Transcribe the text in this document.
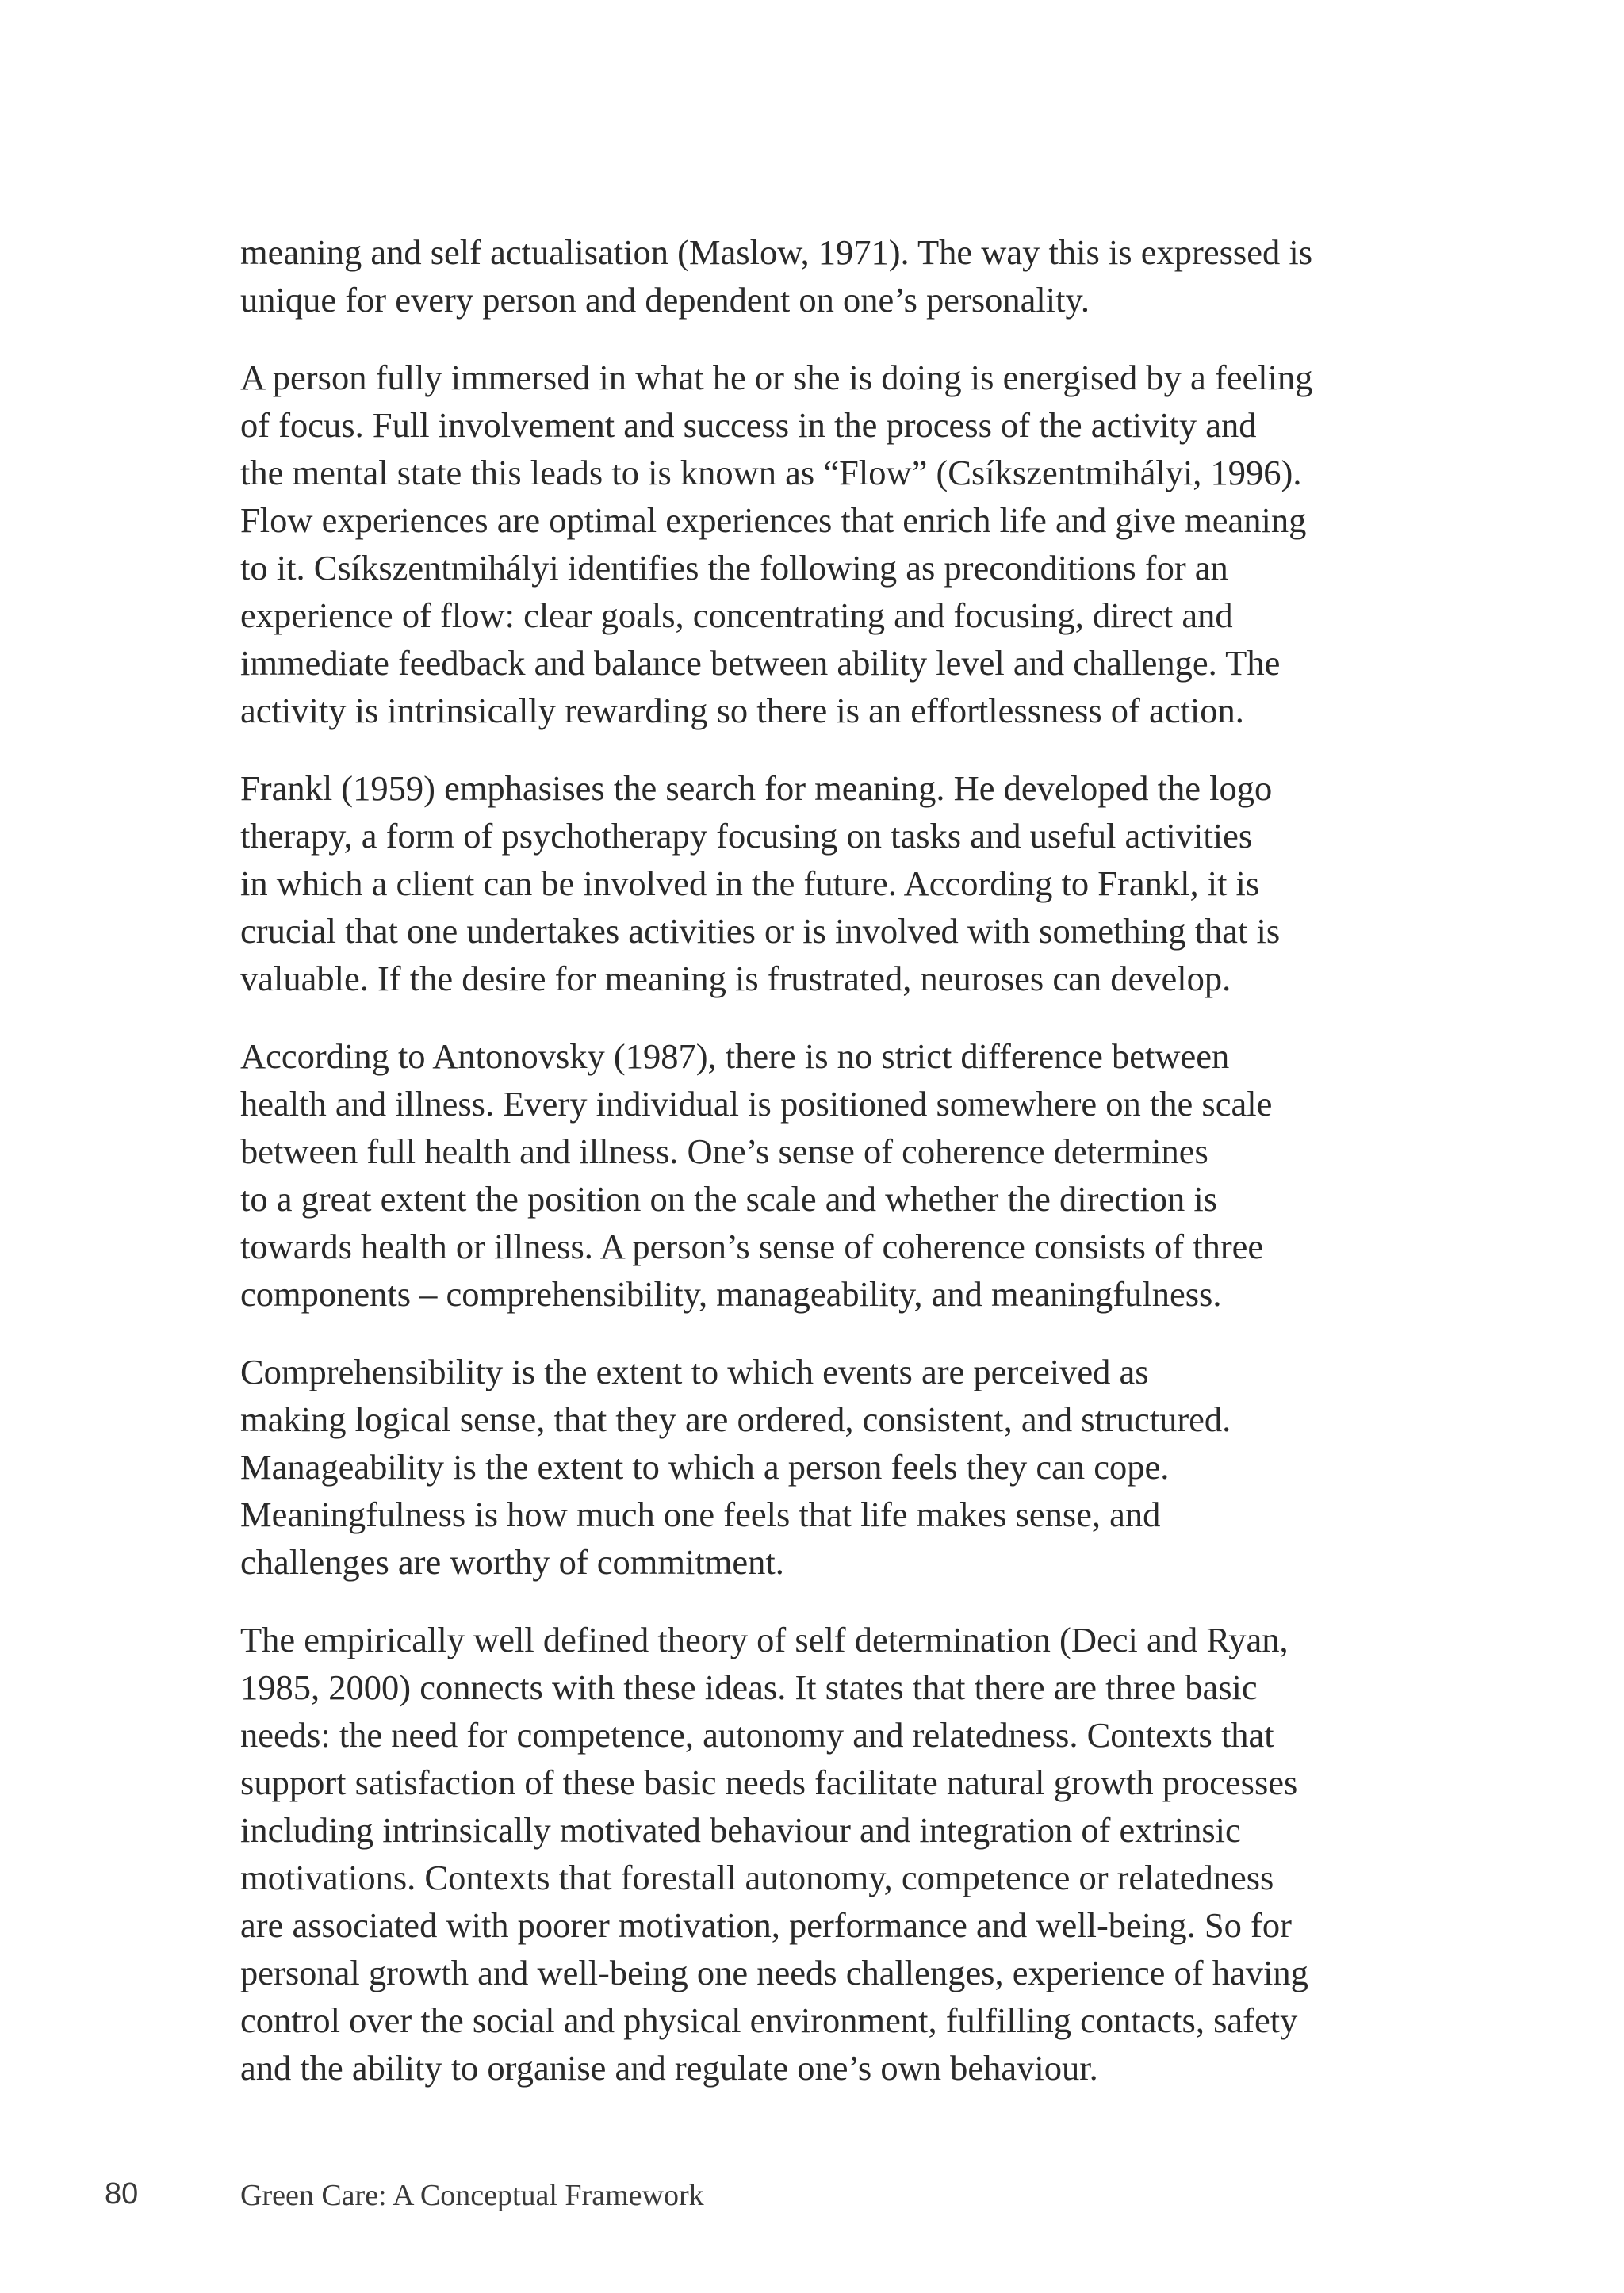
meaning and self actualisation (Maslow, 1971). The way this is expressed is
unique for every person and dependent on one’s personality.

A person fully immersed in what he or she is doing is energised by a feeling
of focus. Full involvement and success in the process of the activity and
the mental state this leads to is known as “Flow” (Csíkszentmihályi, 1996).
Flow experiences are optimal experiences that enrich life and give meaning
to it. Csíkszentmihályi identifies the following as preconditions for an
experience of flow: clear goals, concentrating and focusing, direct and
immediate feedback and balance between ability level and challenge. The
activity is intrinsically rewarding so there is an effortlessness of action.

Frankl (1959) emphasises the search for meaning. He developed the logo
therapy, a form of psychotherapy focusing on tasks and useful activities
in which a client can be involved in the future. According to Frankl, it is
crucial that one undertakes activities or is involved with something that is
valuable. If the desire for meaning is frustrated, neuroses can develop.

According to Antonovsky (1987), there is no strict difference between
health and illness. Every individual is positioned somewhere on the scale
between full health and illness. One’s sense of coherence determines
to a great extent the position on the scale and whether the direction is
towards health or illness. A person’s sense of coherence consists of three
components – comprehensibility, manageability, and meaningfulness.

Comprehensibility is the extent to which events are perceived as
making logical sense, that they are ordered, consistent, and structured.
Manageability is the extent to which a person feels they can cope.
Meaningfulness is how much one feels that life makes sense, and
challenges are worthy of commitment.

The empirically well defined theory of self determination (Deci and Ryan,
1985, 2000) connects with these ideas. It states that there are three basic
needs: the need for competence, autonomy and relatedness. Contexts that
support satisfaction of these basic needs facilitate natural growth processes
including intrinsically motivated behaviour and integration of extrinsic
motivations. Contexts that forestall autonomy, competence or relatedness
are associated with poorer motivation, performance and well-being. So for
personal growth and well-being one needs challenges, experience of having
control over the social and physical environment, fulfilling contacts, safety
and the ability to organise and regulate one’s own behaviour.

80	Green Care: A Conceptual Framework
